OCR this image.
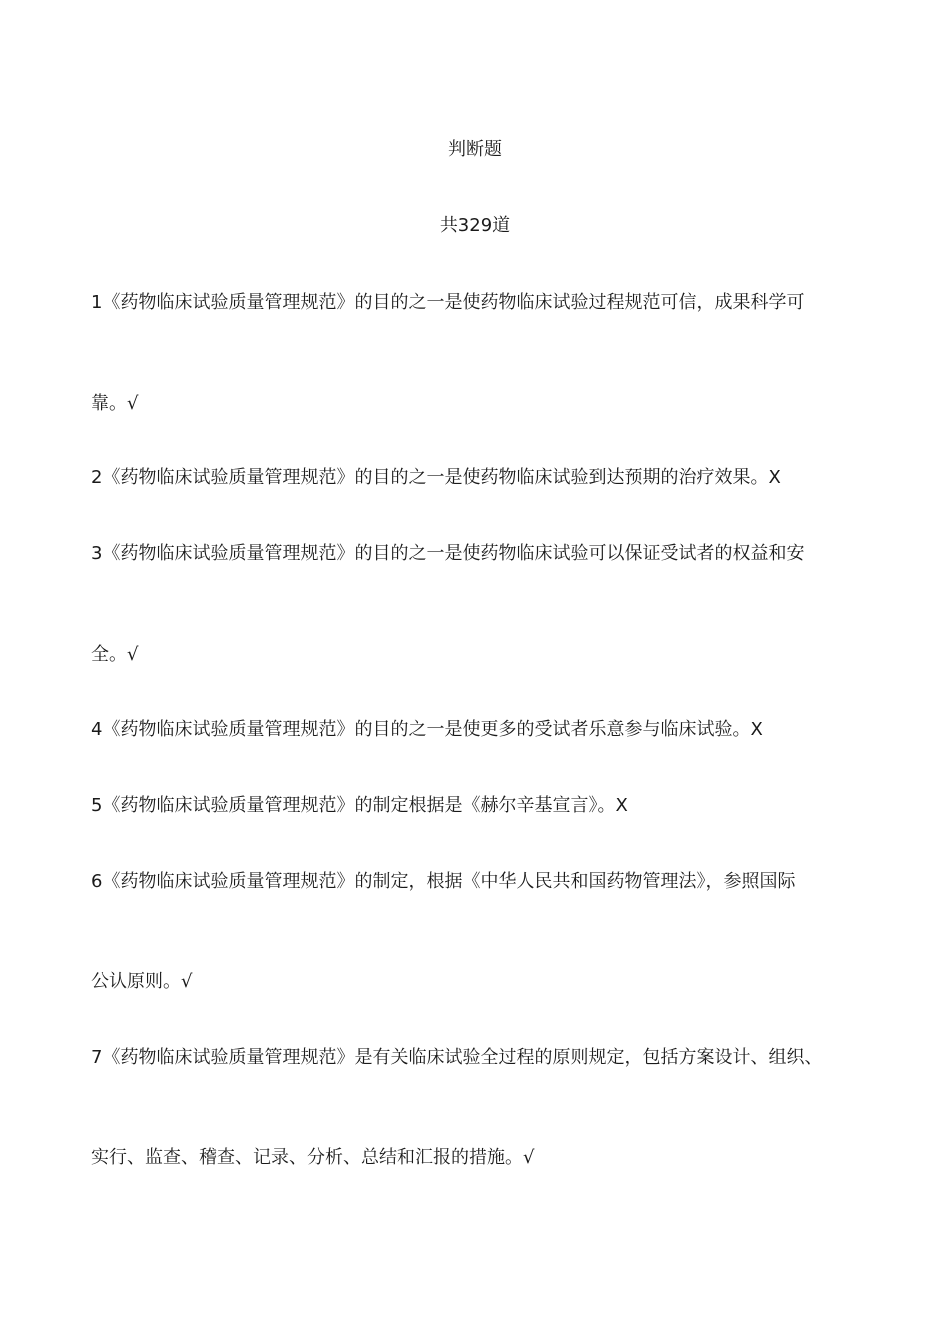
判断题
共329道
1《药物临床试验质量管理规范》的目的之一是使药物临床试验过程规范可信，成果科学可
靠。√
2《药物临床试验质量管理规范》的目的之一是使药物临床试验到达预期的治疗效果。X
3《药物临床试验质量管理规范》的目的之一是使药物临床试验可以保证受试者的权益和安
全。√
4《药物临床试验质量管理规范》的目的之一是使更多的受试者乐意参与临床试验。X
5《药物临床试验质量管理规范》的制定根据是《赫尔辛基宣言》。X
6《药物临床试验质量管理规范》的制定，根据《中华人民共和国药物管理法》，参照国际
公认原则。√
7《药物临床试验质量管理规范》是有关临床试验全过程的原则规定，包括方案设计、组织、
实行、监查、稽查、记录、分析、总结和汇报的措施。√
